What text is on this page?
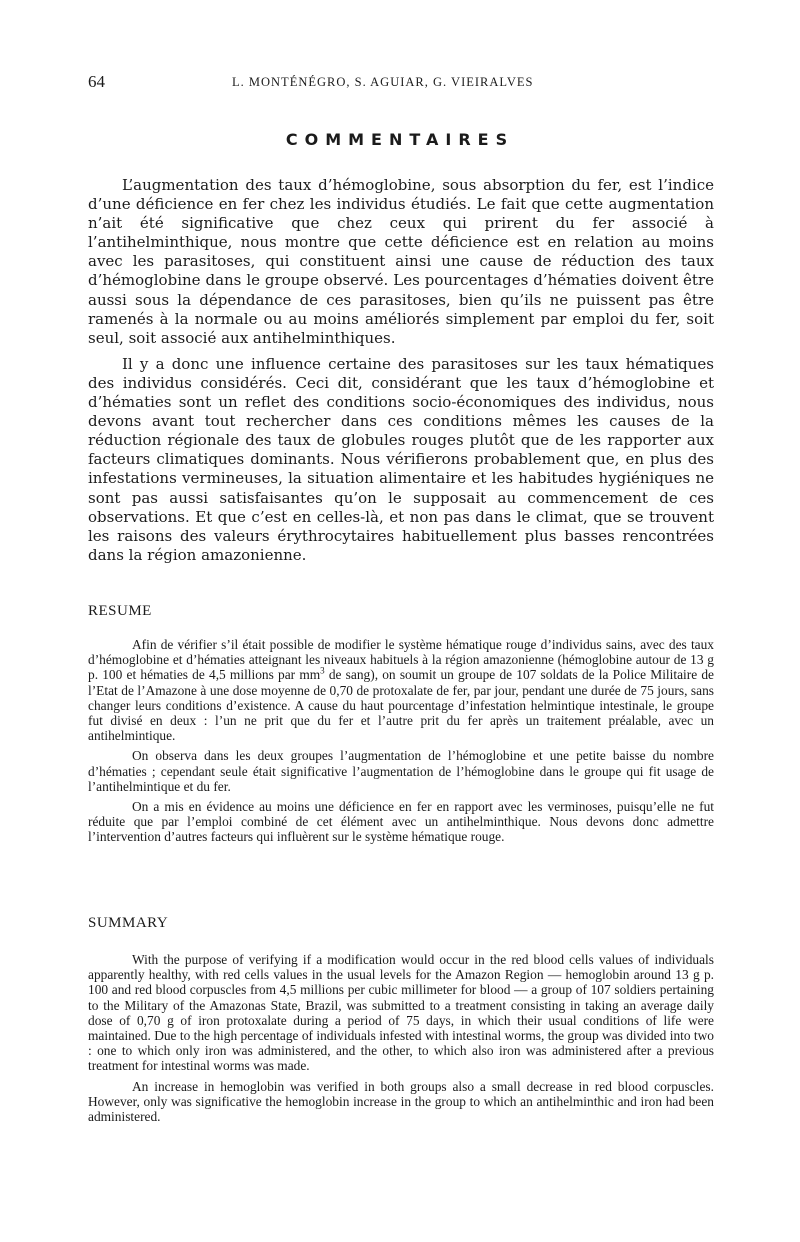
64	L. MONTÉNÉGRO, S. AGUIAR, G. VIEIRALVES
COMMENTAIRES

L’augmentation des taux d’hémoglobine, sous absorption du fer, est l’indice d’une déficience en fer chez les individus étudiés. Le fait que cette augmentation n’ait été significative que chez ceux qui prirent du fer associé à l’antihelminthique, nous montre que cette déficience est en relation au moins avec les parasitoses, qui constituent ainsi une cause de réduction des taux d’hémoglobine dans le groupe observé. Les pourcentages d’hématies doivent être aussi sous la dépendance de ces parasitoses, bien qu’ils ne puissent pas être ramenés à la normale ou au moins améliorés simplement par emploi du fer, soit seul, soit associé aux antihelminthiques.

Il y a donc une influence certaine des parasitoses sur les taux hématiques des individus considérés. Ceci dit, considérant que les taux d’hémoglobine et d’hématies sont un reflet des conditions socio-économiques des individus, nous devons avant tout rechercher dans ces conditions mêmes les causes de la réduction régionale des taux de globules rouges plutôt que de les rapporter aux facteurs climatiques dominants. Nous vérifierons probablement que, en plus des infestations vermineuses, la situation alimentaire et les habitudes hygiéniques ne sont pas aussi satisfaisantes qu’on le supposait au commencement de ces observations. Et que c’est en celles-là, et non pas dans le climat, que se trouvent les raisons des valeurs érythrocytaires habituellement plus basses rencontrées dans la région amazonienne.

RESUME

Afin de vérifier s’il était possible de modifier le système hématique rouge d’individus sains, avec des taux d’hémoglobine et d’hématies atteignant les niveaux habituels à la région amazonienne (hémoglobine autour de 13 g p. 100 et hématies de 4,5 millions par $mm^3$ de sang), on soumit un groupe de 107 soldats de la Police Militaire de l’Etat de l’Amazone à une dose moyenne de 0,70 de protoxalate de fer, par jour, pendant une durée de 75 jours, sans changer leurs conditions d’existence. A cause du haut pourcentage d’infestation helmintique intestinale, le groupe fut divisé en deux : l’un ne prit que du fer et l’autre prit du fer après un traitement préalable, avec un antihelmintique.

On observa dans les deux groupes l’augmentation de l’hémoglobine et une petite baisse du nombre d’hématies ; cependant seule était significative l’augmentation de l’hémoglobine dans le groupe qui fit usage de l’antihelmintique et du fer.

On a mis en évidence au moins une déficience en fer en rapport avec les verminoses, puisqu’elle ne fut réduite que par l’emploi combiné de cet élément avec un antihelminthique. Nous devons donc admettre l’intervention d’autres facteurs qui influèrent sur le système hématique rouge.

SUMMARY

With the purpose of verifying if a modification would occur in the red blood cells values of individuals apparently healthy, with red cells values in the usual levels for the Amazon Region — hemoglobin around 13 g p. 100 and red blood corpuscles from 4,5 millions per cubic millimeter for blood — a group of 107 soldiers pertaining to the Military of the Amazonas State, Brazil, was submitted to a treatment consisting in taking an average daily dose of 0,70 g of iron protoxalate during a period of 75 days, in which their usual conditions of life were maintained. Due to the high percentage of individuals infested with intestinal worms, the group was divided into two : one to which only iron was administered, and the other, to which also iron was administered after a previous treatment for intestinal worms was made.

An increase in hemoglobin was verified in both groups also a small decrease in red blood corpuscles. However, only was significative the hemoglobin increase in the group to which an antihelminthic and iron had been administered.
